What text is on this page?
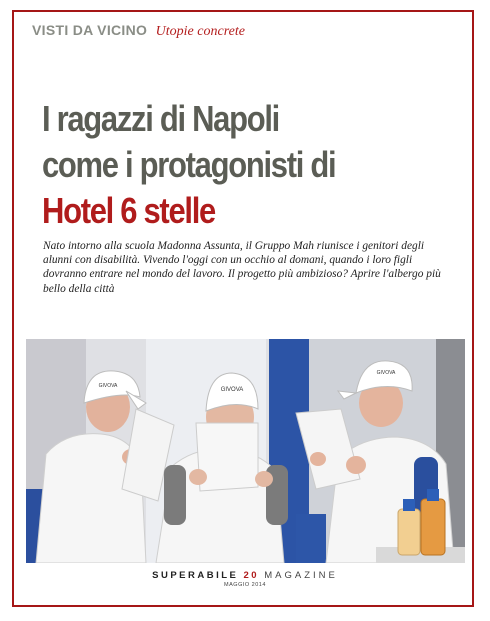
VISTI DA VICINO Utopie concrete
I ragazzi di Napoli
come i protagonisti di
Hotel 6 stelle
Nato intorno alla scuola Madonna Assunta, il Gruppo Mah riunisce i genitori degli alunni con disabilità. Vivendo l'oggi con un occhio al domani, quando i loro figli dovranno entrare nel mondo del lavoro. Il progetto più ambizioso? Aprire l'albergo più bello della città
GIVOVA
GIVOVA
GIVOVA
SUPERABILE 20 MAGAZINE
MAGGIO 2014
